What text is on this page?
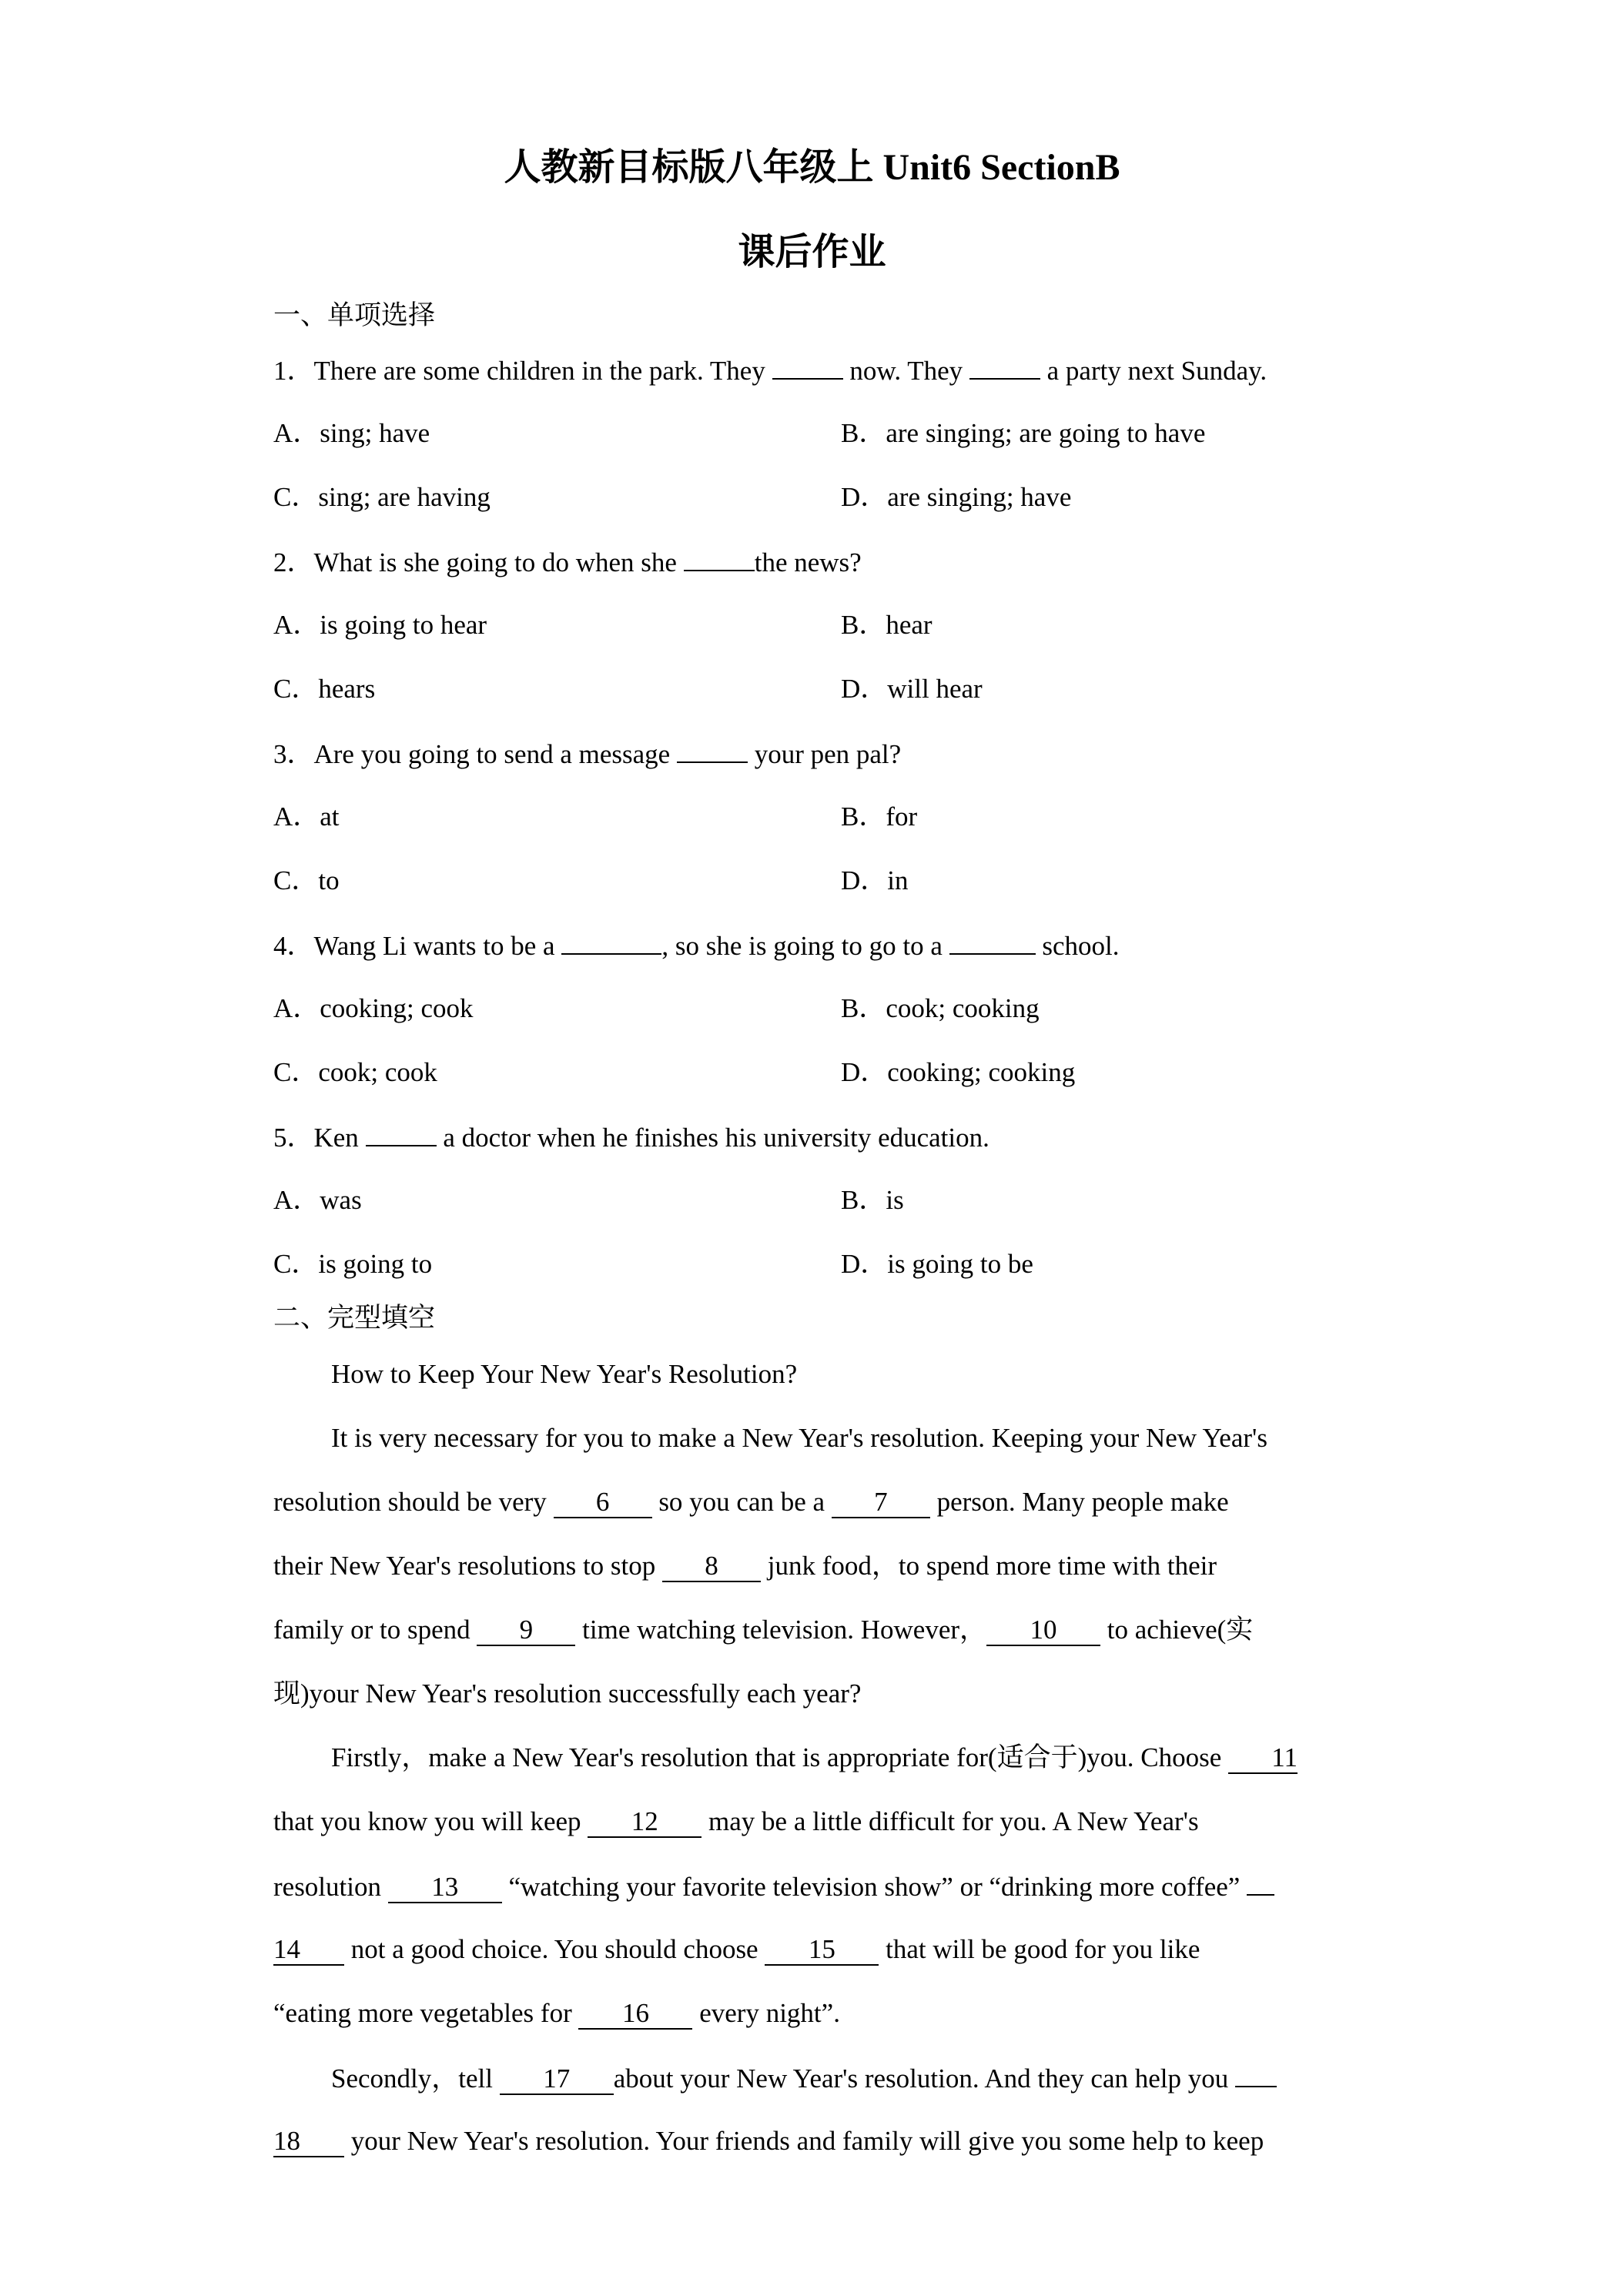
人教新目标版八年级上 Unit6 SectionB
课后作业
一、单项选择
1．There are some children in the park. They	now. They	a party next Sunday.
A．sing; have	B．are singing; are going to have
C．sing; are having	D．are singing; have
2．What is she going to do when she	the news?
A．is going to hear	B．hear
C．hears	D．will hear
3．Are you going to send a message	your pen pal?
A．at	B．for
C．to	D．in
4．Wang Li wants to be a	, so she is going to go to a	school.
A．cooking; cook	B．cook; cooking
C．cook; cook	D．cooking; cooking
5．Ken	a doctor when he finishes his university education.
A．was	B．is
C．is going to	D．is going to be
二、完型填空
How to Keep Your New Year's Resolution?
It is very necessary for you to make a New Year's resolution. Keeping your New Year's
resolution should be very 6 so you can be a 7 person. Many people make
their New Year's resolutions to stop 8 junk food，to spend more time with their
family or to spend 9 time watching television. However， 10 to achieve(实
现)your New Year's resolution successfully each year?
Firstly，make a New Year's resolution that is appropriate for(适合于)you. Choose 11
that you know you will keep 12 may be a little difficult for you. A New Year's
resolution 13 “watching your favorite television show” or “drinking more coffee”
14 not a good choice. You should choose 15 that will be good for you like
“eating more vegetables for 16 every night”.
Secondly，tell 17 about your New Year's resolution. And they can help you
18 your New Year's resolution. Your friends and family will give you some help to keep
